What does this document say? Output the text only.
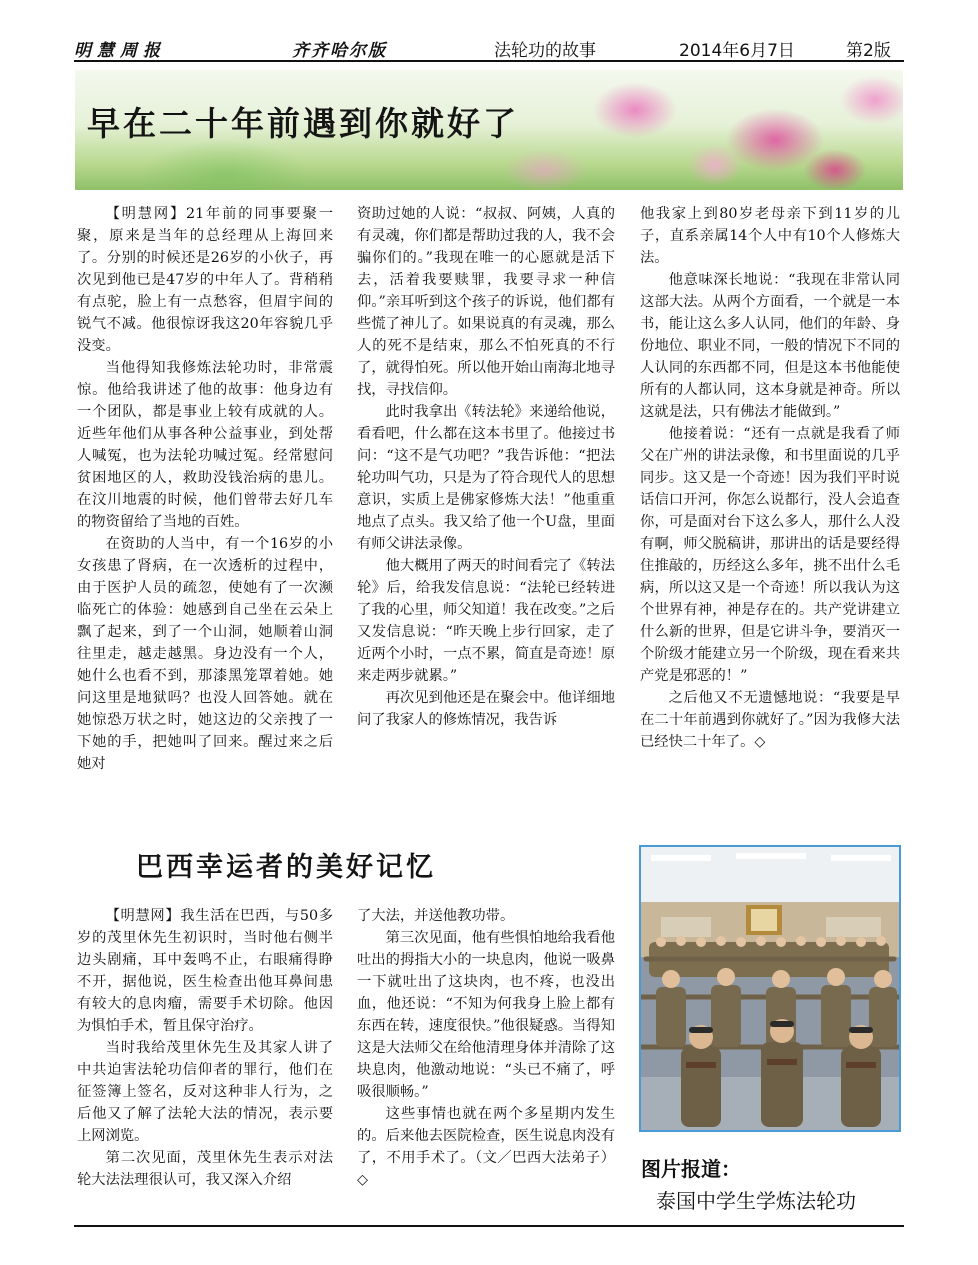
明慧周报	齐齐哈尔版	法轮功的故事	2014年6月7日	第2版
早在二十年前遇到你就好了

【明慧网】21年前的同事要聚一聚，原来是当年的总经理从上海回来了。分别的时候还是26岁的小伙子，再次见到他已是47岁的中年人了。背稍稍有点驼，脸上有一点愁容，但眉宇间的锐气不减。他很惊讶我这20年容貌几乎没变。

当他得知我修炼法轮功时，非常震惊。他给我讲述了他的故事：他身边有一个团队，都是事业上较有成就的人。近些年他们从事各种公益事业，到处帮人喊冤，也为法轮功喊过冤。经常慰问贫困地区的人，救助没钱治病的患儿。在汶川地震的时候，他们曾带去好几车的物资留给了当地的百姓。

在资助的人当中，有一个16岁的小女孩患了肾病，在一次透析的过程中，由于医护人员的疏忽，使她有了一次濒临死亡的体验：她感到自己坐在云朵上飘了起来，到了一个山洞，她顺着山洞往里走，越走越黑。身边没有一个人，她什么也看不到，那漆黑笼罩着她。她问这里是地狱吗？也没人回答她。就在她惊恐万状之时，她这边的父亲拽了一下她的手，把她叫了回来。醒过来之后她对

资助过她的人说：“叔叔、阿姨，人真的有灵魂，你们都是帮助过我的人，我不会骗你们的。”我现在唯一的心愿就是活下去，活着我要赎罪，我要寻求一种信仰。”亲耳听到这个孩子的诉说，他们都有些慌了神儿了。如果说真的有灵魂，那么人的死不是结束，那么不怕死真的不行了，就得怕死。所以他开始山南海北地寻找，寻找信仰。

此时我拿出《转法轮》来递给他说，看看吧，什么都在这本书里了。他接过书问：“这不是气功吧？”我告诉他：“把法轮功叫气功，只是为了符合现代人的思想意识，实质上是佛家修炼大法！”他重重地点了点头。我又给了他一个U盘，里面有师父讲法录像。

他大概用了两天的时间看完了《转法轮》后，给我发信息说：“法轮已经转进了我的心里，师父知道！我在改变。”之后又发信息说：“昨天晚上步行回家，走了近两个小时，一点不累，简直是奇迹！原来走两步就累。”

再次见到他还是在聚会中。他详细地问了我家人的修炼情况，我告诉

他我家上到80岁老母亲下到11岁的儿子，直系亲属14个人中有10个人修炼大法。

他意味深长地说：“我现在非常认同这部大法。从两个方面看，一个就是一本书，能让这么多人认同，他们的年龄、身份地位、职业不同，一般的情况下不同的人认同的东西都不同，但是这本书他能使所有的人都认同，这本身就是神奇。所以这就是法，只有佛法才能做到。”

他接着说：“还有一点就是我看了师父在广州的讲法录像，和书里面说的几乎同步。这又是一个奇迹！因为我们平时说话信口开河，你怎么说都行，没人会追查你，可是面对台下这么多人，那什么人没有啊，师父脱稿讲，那讲出的话是要经得住推敲的，历经这么多年，挑不出什么毛病，所以这又是一个奇迹！所以我认为这个世界有神，神是存在的。共产党讲建立什么新的世界，但是它讲斗争，要消灭一个阶级才能建立另一个阶级，现在看来共产党是邪恶的！”

之后他又不无遗憾地说：“我要是早在二十年前遇到你就好了。”因为我修大法已经快二十年了。◇

巴西幸运者的美好记忆

【明慧网】我生活在巴西，与50多岁的茂里休先生初识时，当时他右侧半边头剧痛，耳中轰鸣不止，右眼痛得睁不开，据他说，医生检查出他耳鼻间患有较大的息肉瘤，需要手术切除。他因为惧怕手术，暂且保守治疗。

当时我给茂里休先生及其家人讲了中共迫害法轮功信仰者的罪行，他们在征签簿上签名，反对这种非人行为，之后他又了解了法轮大法的情况，表示要上网浏览。

第二次见面，茂里休先生表示对法轮大法法理很认可，我又深入介绍

了大法，并送他教功带。

第三次见面，他有些惧怕地给我看他吐出的拇指大小的一块息肉，他说一吸鼻一下就吐出了这块肉，也不疼，也没出血，他还说：“不知为何我身上脸上都有东西在转，速度很快。”他很疑惑。当得知这是大法师父在给他清理身体并清除了这块息肉，他激动地说：“头已不痛了，呼吸很顺畅。”

这些事情也就在两个多星期内发生的。后来他去医院检查，医生说息肉没有了，不用手术了。（文／巴西大法弟子）◇	图片报道：
泰国中学生学炼法轮功
